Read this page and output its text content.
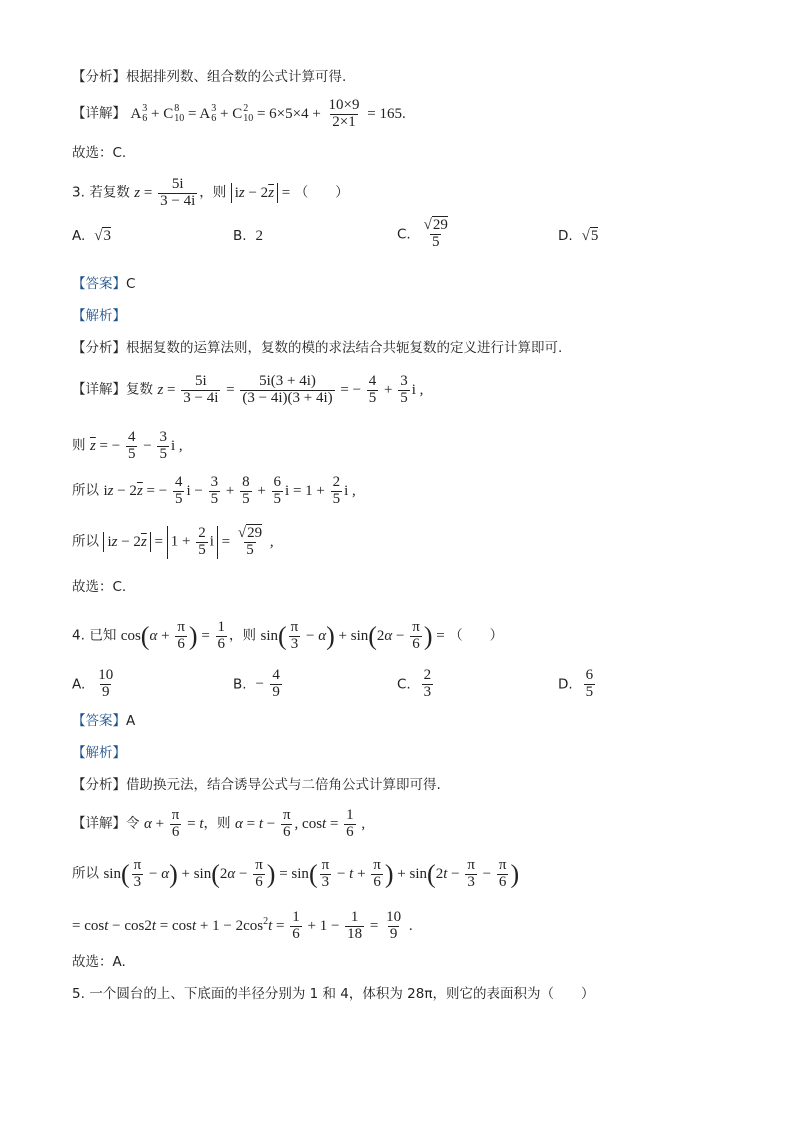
【分析】根据排列数、组合数的公式计算可得.
【详解】 A 3
6 + C 8
10 = A 3
6 + C 2
$10 = 6\times 5\times 4 + \frac{10\times 9}{2\times 1} = 165$.
故选：C.
3. 若复数 $z = \frac{5i}{3 - 4i}$ ，则 iz − $2\overline{z}$ = （　　）
A. √3	B. 2	C. $\frac{√29}{5}$	D. √5
【答案】C
【解析】
【分析】根据复数的运算法则，复数的模的求法结合共轭复数的定义进行计算即可.
【详解】复数 $z = \frac{5i}{3 - 4i} = \frac{5i(3 + 4i)}{(3 - 4i)(3 + 4i)}$ = − $\frac{4}{5} + \frac{3}{5}$ i ,
则 $\overline{z}$ = − $\frac{4}{5} - \frac{3}{5}$ i ,
所以 iz − $2\overline{z}$ = − $\frac{4}{5}$ $i - \frac{3}{5} + \frac{8}{5} + \frac{6}{5}$ $i = 1 + \frac{2}{5}$ i ,
所以 iz − $2\overline{z} = 1 + \frac{2}{5}$ $i = \frac{√29}{5}$ ,
故选：C.
4. 已知 $\cos(\alpha + \frac{\pi}{6}$ ) = $\frac{1}{6}$ ，则 $\sin( \frac{\pi}{3} - \alpha) + \sin(2\alpha - \frac{\pi}{6}$ ) = （　　）
A. $\frac{10}{9}$	B. − $\frac{4}{9}$	C. $\frac{2}{3}$	D. $\frac{6}{5}$
【答案】A
【解析】
【分析】借助换元法，结合诱导公式与二倍角公式计算即可得.
【详解】令 $\alpha + \frac{\pi}{6} = t$，则 $\alpha = t - \frac{\pi}{6}$ , $\cos t = \frac{1}{6}$ ,
所以 $\sin( \frac{\pi}{3} - \alpha) + \sin(2\alpha - \frac{\pi}{6}$ ) = $\sin( \frac{\pi}{3} - t + \frac{\pi}{6}$ ) + $\sin(2t - \frac{\pi}{3} - \frac{\pi}{6}$ )
= $\cos t - \cos 2t = \cos t + 1 - 2\cos^2t = \frac{1}{6} + 1 - \frac{1}{18} = \frac{10}{9}$ .
故选：A.
5. 一个圆台的上、下底面的半径分别为 1 和 4，体积为 28π，则它的表面积为（　　）
